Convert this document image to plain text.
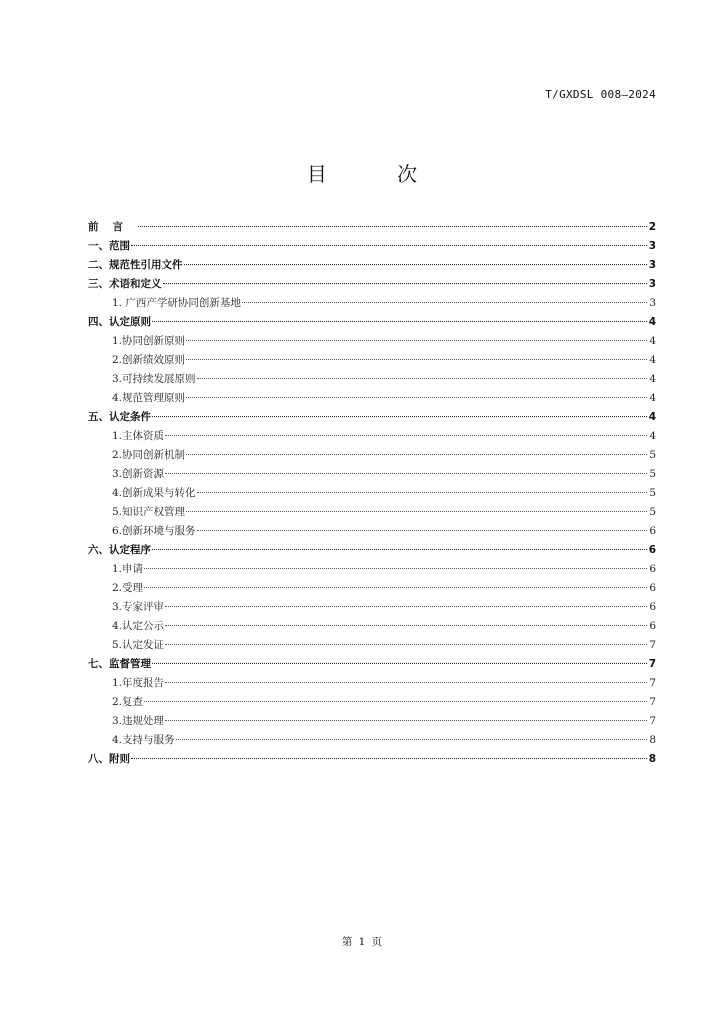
T/GXDSL 008—2024
目 次
前言	2
一、范围	3
二、规范性引用文件	3
三、术语和定义	3
1. 广西产学研协同创新基地	3
四、认定原则	4
1.协同创新原则	4
2.创新绩效原则	4
3.可持续发展原则	4
4.规范管理原则	4
五、认定条件	4
1.主体资质	4
2.协同创新机制	5
3.创新资源	5
4.创新成果与转化	5
5.知识产权管理	5
6.创新环境与服务	6
六、认定程序	6
1.申请	6
2.受理	6
3.专家评审	6
4.认定公示	6
5.认定发证	7
七、监督管理	7
1.年度报告	7
2.复查	7
3.违规处理	7
4.支持与服务	8
八、附则	8
第 1 页
